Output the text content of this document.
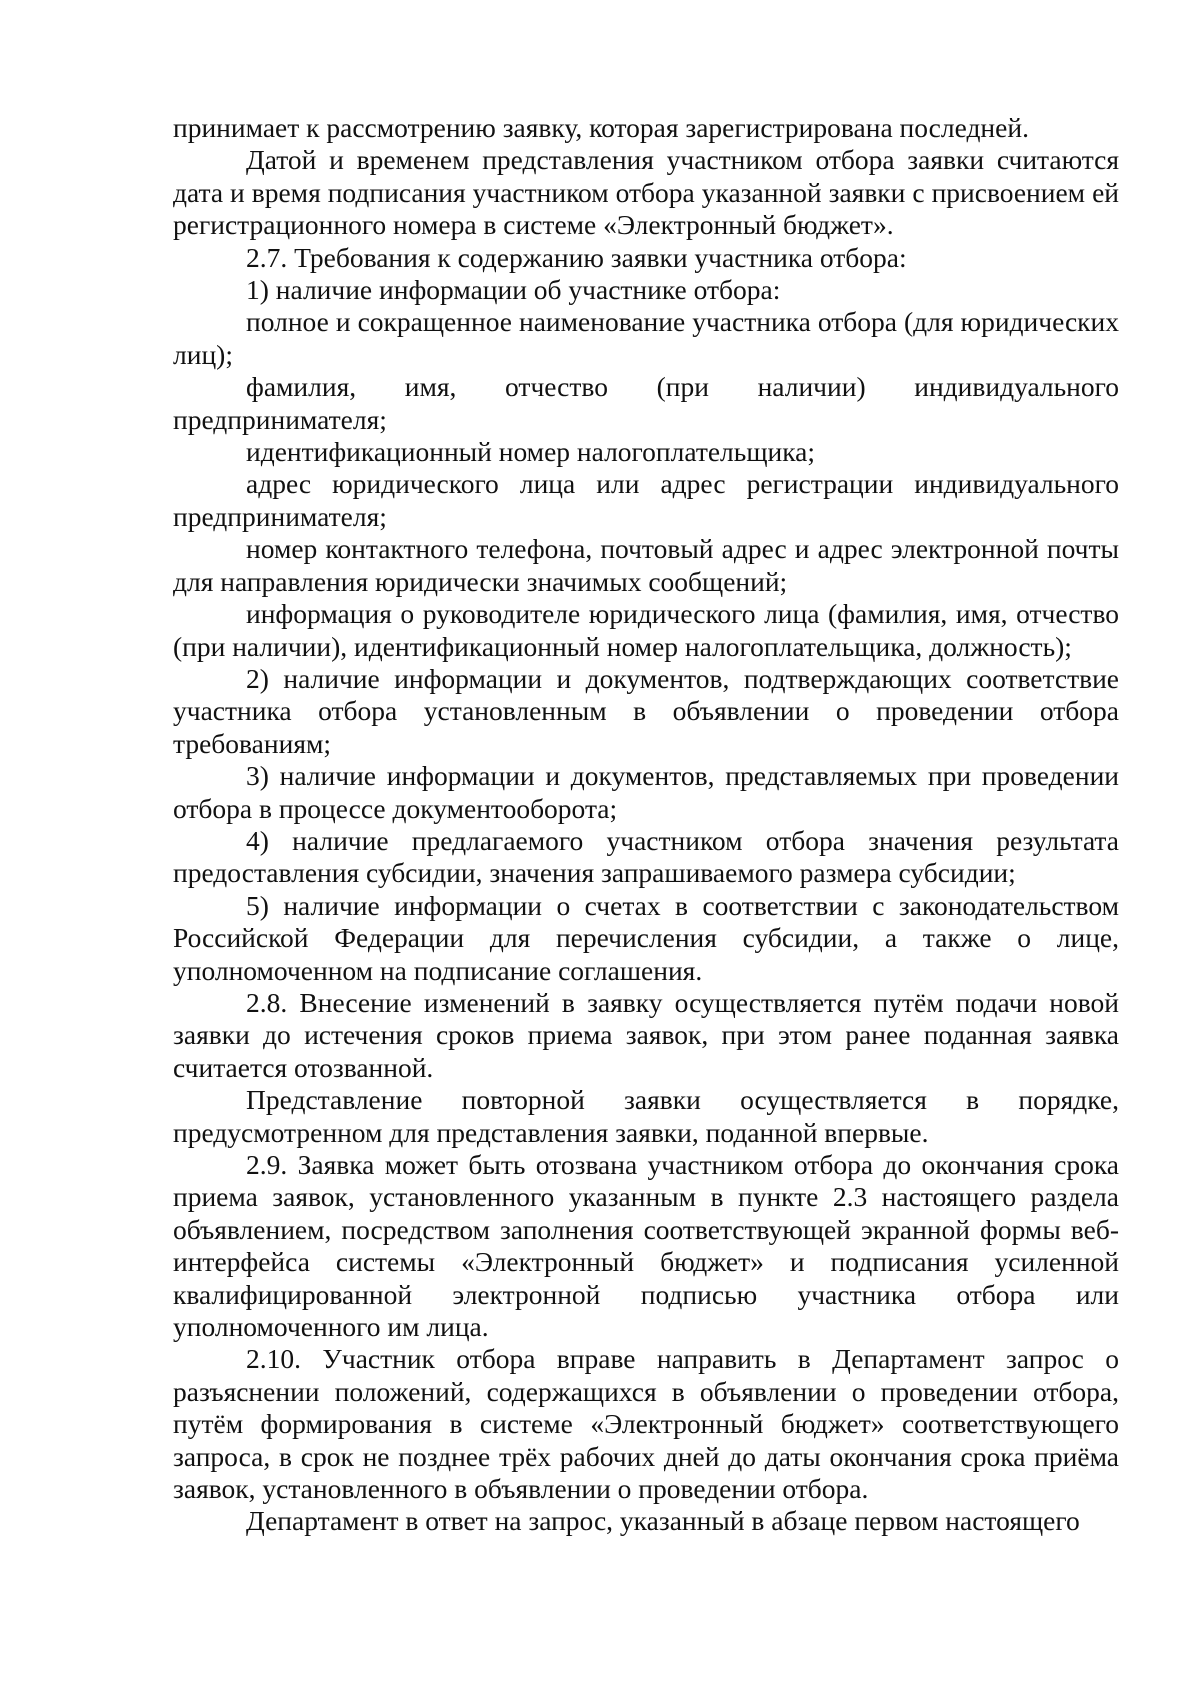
принимает к рассмотрению заявку, которая зарегистрирована последней.

Датой и временем представления участником отбора заявки считаются дата и время подписания участником отбора указанной заявки с присвоением ей регистрационного номера в системе «Электронный бюджет».

2.7. Требования к содержанию заявки участника отбора:

1) наличие информации об участнике отбора:

полное и сокращенное наименование участника отбора (для юридических лиц);

фамилия, имя, отчество (при наличии) индивидуального предпринимателя;

идентификационный номер налогоплательщика;

адрес юридического лица или адрес регистрации индивидуального предпринимателя;

номер контактного телефона, почтовый адрес и адрес электронной почты для направления юридически значимых сообщений;

информация о руководителе юридического лица (фамилия, имя, отчество (при наличии), идентификационный номер налогоплательщика, должность);

2) наличие информации и документов, подтверждающих соответствие участника отбора установленным в объявлении о проведении отбора требованиям;

3) наличие информации и документов, представляемых при проведении отбора в процессе документооборота;

4) наличие предлагаемого участником отбора значения результата предоставления субсидии, значения запрашиваемого размера субсидии;

5) наличие информации о счетах в соответствии с законодательством Российской Федерации для перечисления субсидии, а также о лице, уполномоченном на подписание соглашения.

2.8. Внесение изменений в заявку осуществляется путём подачи новой заявки до истечения сроков приема заявок, при этом ранее поданная заявка считается отозванной.

Представление повторной заявки осуществляется в порядке, предусмотренном для представления заявки, поданной впервые.

2.9. Заявка может быть отозвана участником отбора до окончания срока приема заявок, установленного указанным в пункте 2.3 настоящего раздела объявлением, посредством заполнения соответствующей экранной формы веб-интерфейса системы «Электронный бюджет» и подписания усиленной квалифицированной электронной подписью участника отбора или уполномоченного им лица.

2.10. Участник отбора вправе направить в Департамент запрос о разъяснении положений, содержащихся в объявлении о проведении отбора, путём формирования в системе «Электронный бюджет» соответствующего запроса, в срок не позднее трёх рабочих дней до даты окончания срока приёма заявок, установленного в объявлении о проведении отбора.

Департамент в ответ на запрос, указанный в абзаце первом настоящего
